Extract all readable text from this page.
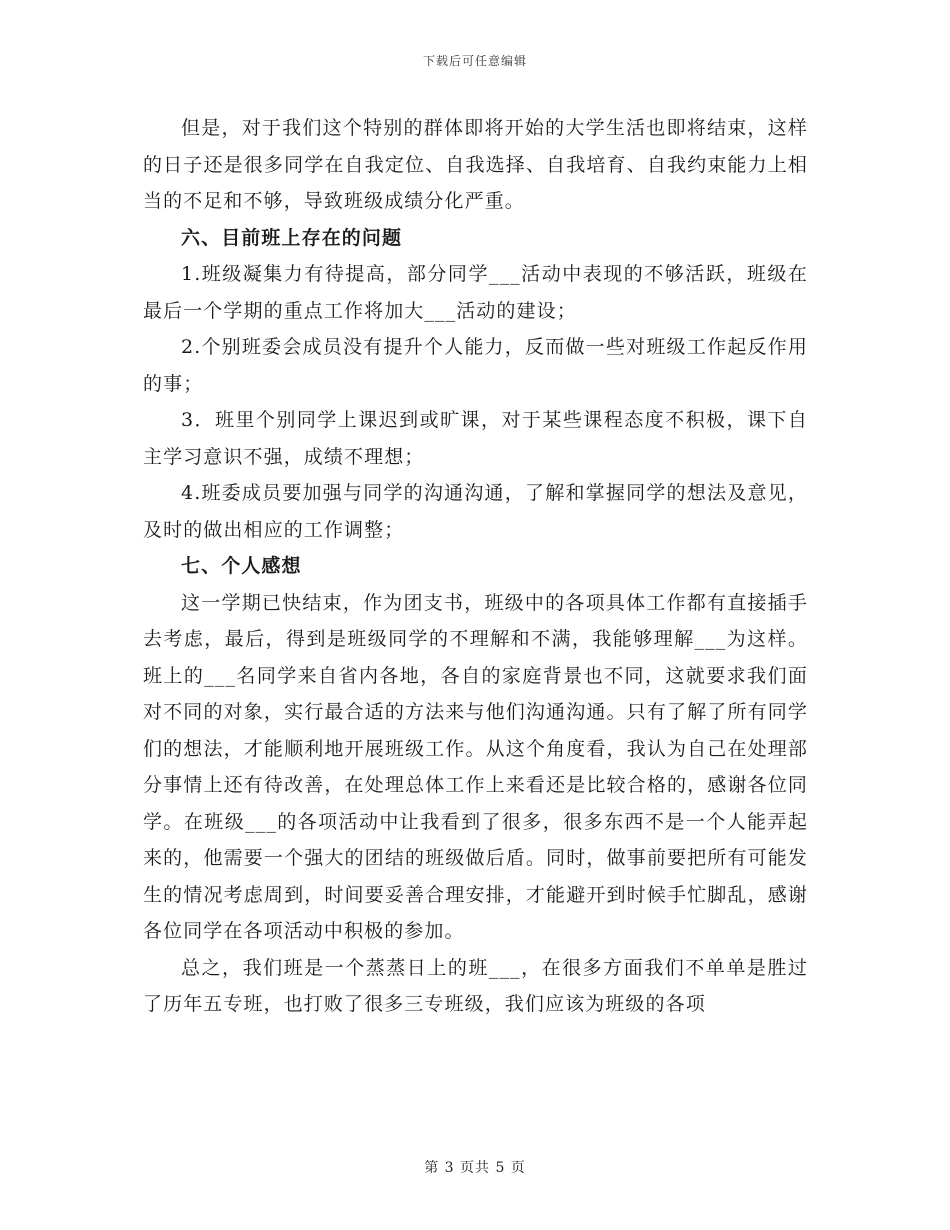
下载后可任意编辑

但是，对于我们这个特别的群体即将开始的大学生活也即将结束，这样的日子还是很多同学在自我定位、自我选择、自我培育、自我约束能力上相当的不足和不够，导致班级成绩分化严重。

六、目前班上存在的问题

1.班级凝集力有待提高，部分同学___活动中表现的不够活跃，班级在最后一个学期的重点工作将加大___活动的建设；

2.个别班委会成员没有提升个人能力，反而做一些对班级工作起反作用的事；

3．班里个别同学上课迟到或旷课，对于某些课程态度不积极，课下自主学习意识不强，成绩不理想；

4.班委成员要加强与同学的沟通沟通，了解和掌握同学的想法及意见，及时的做出相应的工作调整；

七、个人感想

这一学期已快结束，作为团支书，班级中的各项具体工作都有直接插手去考虑，最后，得到是班级同学的不理解和不满，我能够理解___为这样。班上的___名同学来自省内各地，各自的家庭背景也不同，这就要求我们面对不同的对象，实行最合适的方法来与他们沟通沟通。只有了解了所有同学们的想法，才能顺利地开展班级工作。从这个角度看，我认为自己在处理部分事情上还有待改善，在处理总体工作上来看还是比较合格的，感谢各位同学。在班级___的各项活动中让我看到了很多，很多东西不是一个人能弄起来的，他需要一个强大的团结的班级做后盾。同时，做事前要把所有可能发生的情况考虑周到，时间要妥善合理安排，才能避开到时候手忙脚乱，感谢各位同学在各项活动中积极的参加。

总之，我们班是一个蒸蒸日上的班___，在很多方面我们不单单是胜过了历年五专班，也打败了很多三专班级，我们应该为班级的各项

第 3 页共 5 页
